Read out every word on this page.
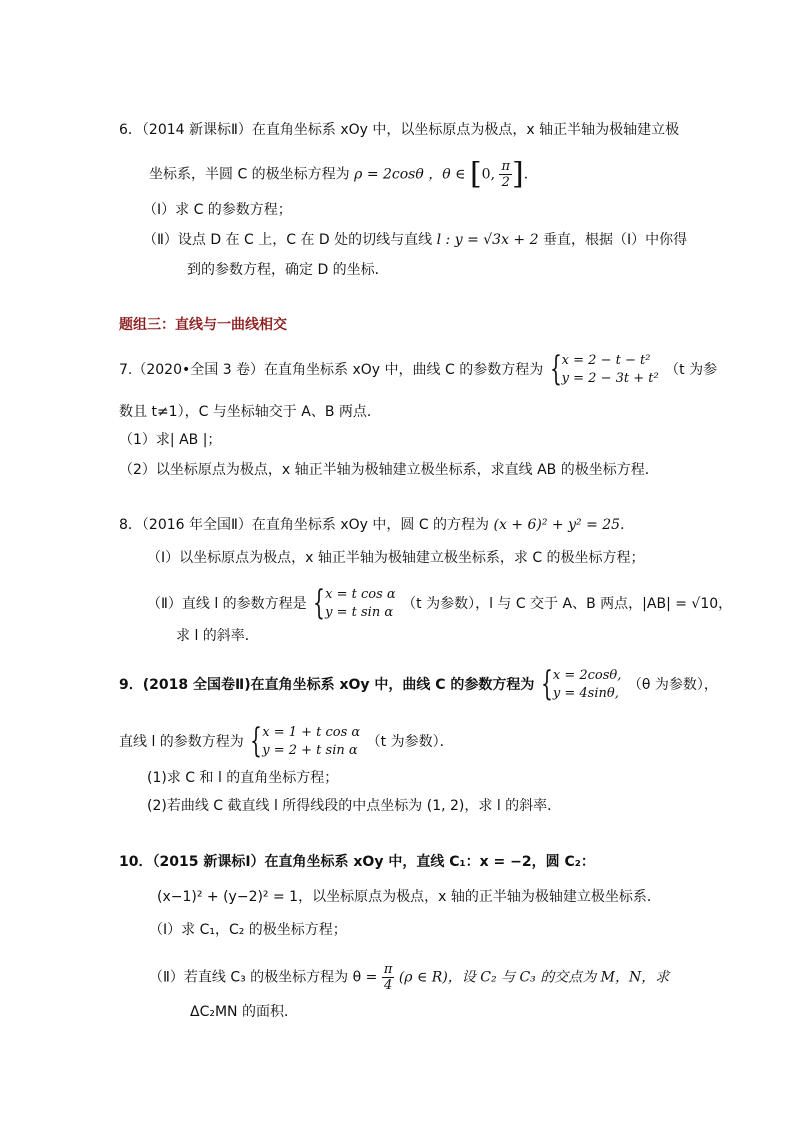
6．（2014 新课标Ⅱ）在直角坐标系 xOy 中，以坐标原点为极点，x 轴正半轴为极轴建立极
坐标系，半圆 C 的极坐标方程为 ρ = 2cosθ ，θ ∈ [0, $\frac{\pi}{2}$ ]．
（Ⅰ）求 C 的参数方程；
（Ⅱ）设点 D 在 C 上，C 在 D 处的切线与直线 l : y = √3x + 2 垂直，根据（Ⅰ）中你得
到的参数方程，确定 D 的坐标．
题组三：直线与一曲线相交
7.（2020•全国 3 卷）在直角坐标系 xOy 中，曲线 C 的参数方程为 { x = 2 − t − t²
y = 2 − 3t + t²
（t 为参
数且 t≠1），C 与坐标轴交于 A、B 两点．
（1）求| AB |；
（2）以坐标原点为极点，x 轴正半轴为极轴建立极坐标系，求直线 AB 的极坐标方程．
8．（2016 年全国Ⅱ）在直角坐标系 xOy 中，圆 C 的方程为 (x + 6)² + y² = 25．
（Ⅰ）以坐标原点为极点，x 轴正半轴为极轴建立极坐标系，求 C 的极坐标方程；
（Ⅱ）直线 l 的参数方程是 { x = t cos α
y = t sin α
（t 为参数），l 与 C 交于 A、B 两点，|AB| = √10，
求 l 的斜率．
9．(2018 全国卷Ⅱ)在直角坐标系 xOy 中，曲线 C 的参数方程为 { x = 2cosθ,
y = 4sinθ,
（θ 为参数），
直线 l 的参数方程为 { x = 1 + t cos α
y = 2 + t sin α
（t 为参数）．
(1)求 C 和 l 的直角坐标方程；
(2)若曲线 C 截直线 l 所得线段的中点坐标为 (1, 2)，求 l 的斜率．
10．（2015 新课标Ⅰ）在直角坐标系 xOy 中，直线 C₁：x = −2，圆 C₂：
(x−1)² + (y−2)² = 1，以坐标原点为极点，x 轴的正半轴为极轴建立极坐标系．
（Ⅰ）求 C₁，C₂ 的极坐标方程；
（Ⅱ）若直线 C₃ 的极坐标方程为 $\theta = \frac{\pi}{4} (\rho$ ∈ R)，设 C₂ 与 C₃ 的交点为 M，N，求
ΔC₂MN 的面积．
